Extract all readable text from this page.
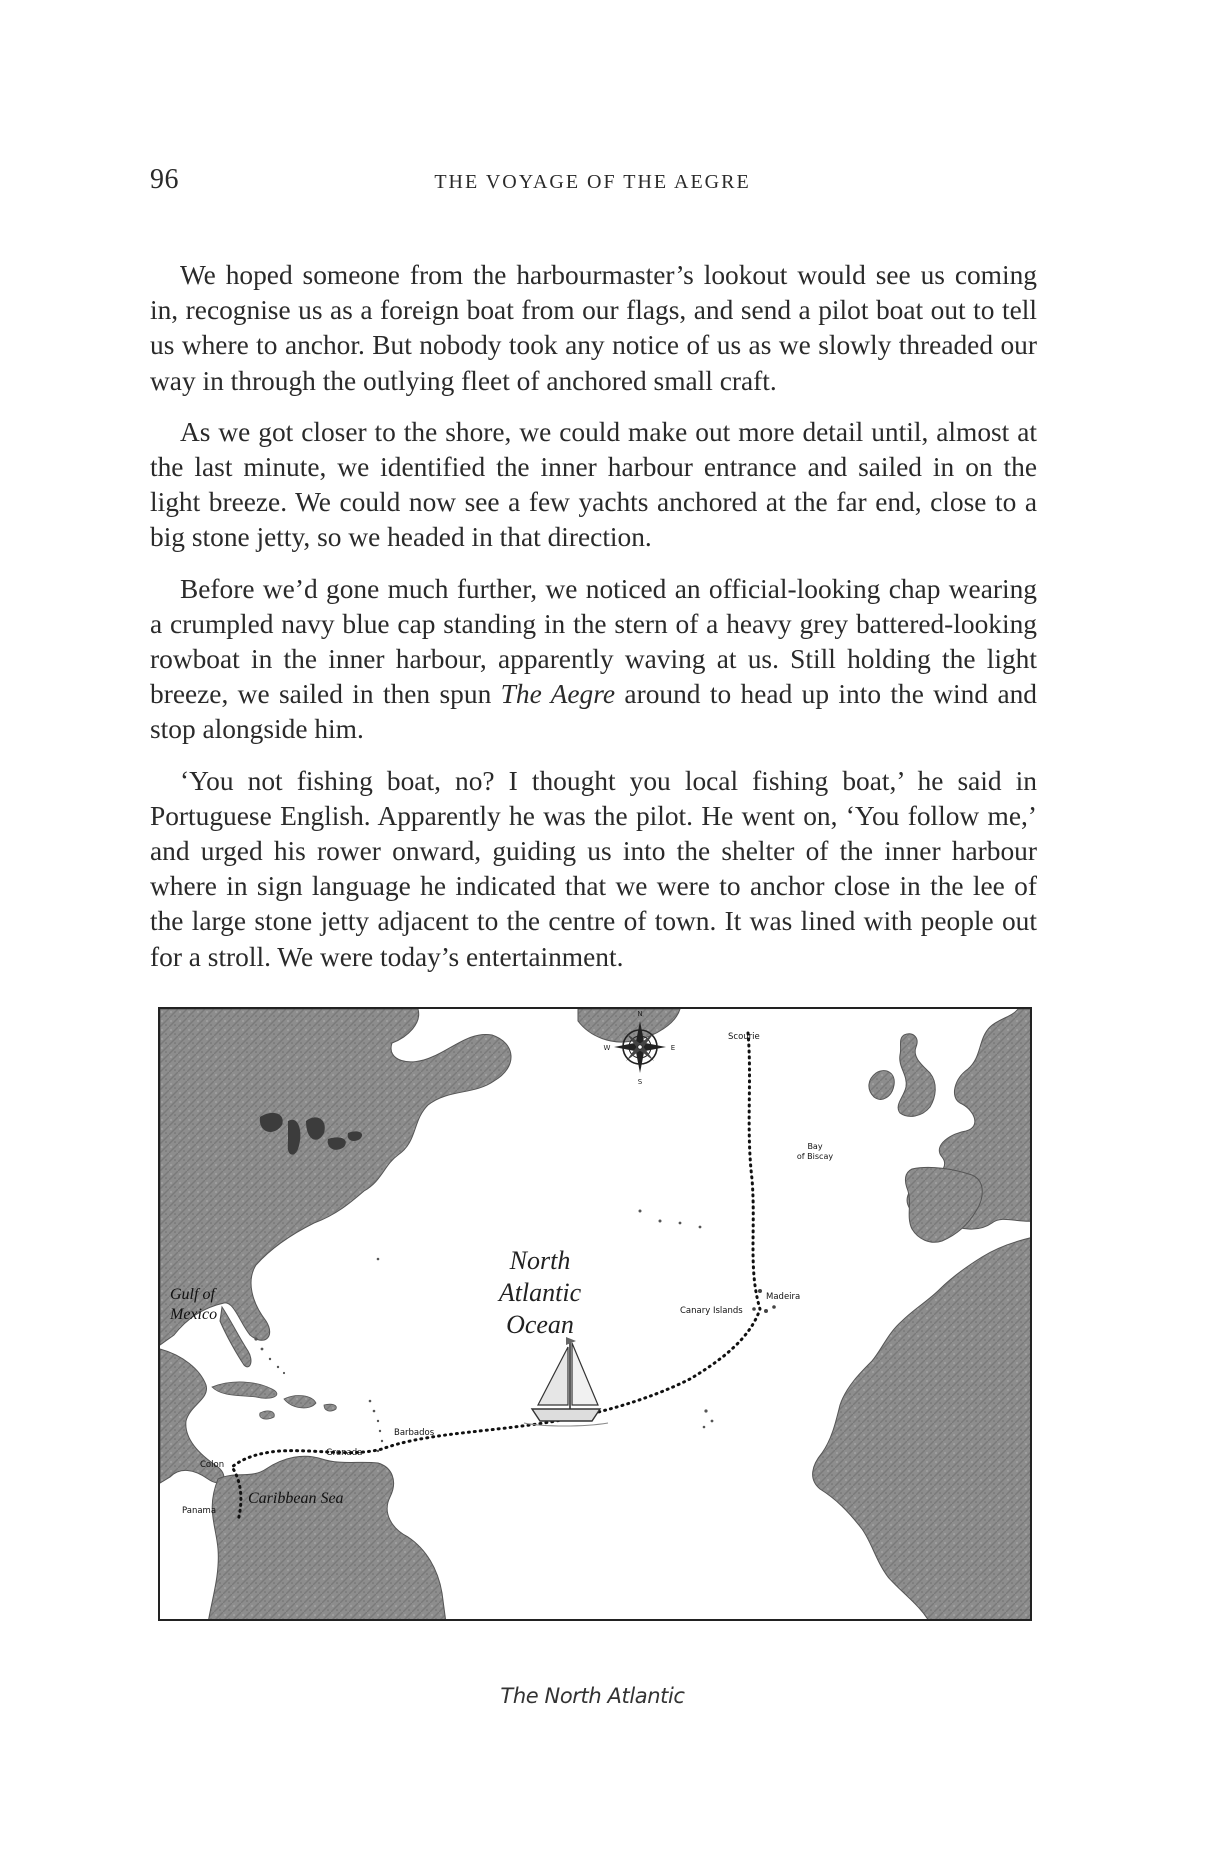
96	THE VOYAGE OF THE AEGRE

We hoped someone from the harbourmaster’s lookout would see us coming in, recognise us as a foreign boat from our flags, and send a pilot boat out to tell us where to anchor. But nobody took any notice of us as we slowly threaded our way in through the outlying fleet of anchored small craft.

As we got closer to the shore, we could make out more detail until, almost at the last minute, we identified the inner harbour entrance and sailed in on the light breeze. We could now see a few yachts anchored at the far end, close to a big stone jetty, so we headed in that direction.

Before we’d gone much further, we noticed an official-looking chap wearing a crumpled navy blue cap standing in the stern of a heavy grey battered-looking rowboat in the inner harbour, apparently waving at us. Still holding the light breeze, we sailed in then spun The Aegre around to head up into the wind and stop alongside him.

‘You not fishing boat, no? I thought you local fishing boat,’ he said in Portuguese English. Apparently he was the pilot. He went on, ‘You follow me,’ and urged his rower onward, guiding us into the shelter of the inner harbour where in sign language he indicated that we were to anchor close in the lee of the large stone jetty adjacent to the centre of town. It was lined with people out for a stroll. We were today’s entertainment.

N
S
W	E
North
Atlantic
Ocean
Gulf of
Mexico
Caribbean Sea
Bay
of Biscay
Scourie
Madeira
Canary Islands
Barbados
Grenada
Colon
Panama
The North Atlantic
